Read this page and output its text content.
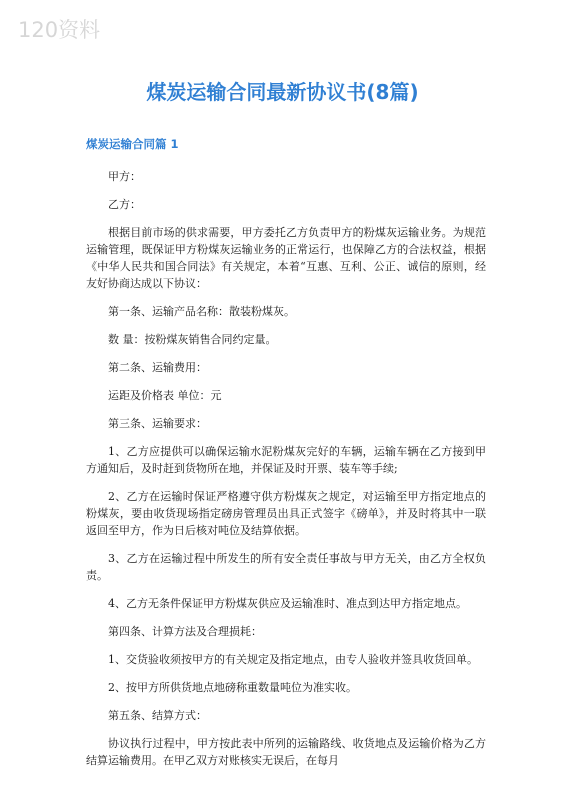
120资料
煤炭运输合同最新协议书(8篇)
煤炭运输合同篇 1

甲方：

乙方：

根据目前市场的供求需要，甲方委托乙方负责甲方的粉煤灰运输业务。为规范运输管理，既保证甲方粉煤灰运输业务的正常运行，也保障乙方的合法权益，根据《中华人民共和国合同法》有关规定，本着“互惠、互利、公正、诚信的原则，经友好协商达成以下协议：

第一条、运输产品名称：散装粉煤灰。

数 量：按粉煤灰销售合同约定量。

第二条、运输费用：

运距及价格表 单位：元

第三条、运输要求：

1、乙方应提供可以确保运输水泥粉煤灰完好的车辆，运输车辆在乙方接到甲方通知后，及时赶到货物所在地，并保证及时开票、装车等手续;

2、乙方在运输时保证严格遵守供方粉煤灰之规定，对运输至甲方指定地点的粉煤灰，要由收货现场指定磅房管理员出具正式签字《磅单》，并及时将其中一联返回至甲方，作为日后核对吨位及结算依据。

3、乙方在运输过程中所发生的所有安全责任事故与甲方无关，由乙方全权负责。

4、乙方无条件保证甲方粉煤灰供应及运输准时、准点到达甲方指定地点。

第四条、计算方法及合理损耗：

1、交货验收须按甲方的有关规定及指定地点，由专人验收并签具收货回单。

2、按甲方所供货地点地磅称重数量吨位为准实收。

第五条、结算方式：

协议执行过程中，甲方按此表中所列的运输路线、收货地点及运输价格为乙方结算运输费用。在甲乙双方对账核实无误后，在每月
